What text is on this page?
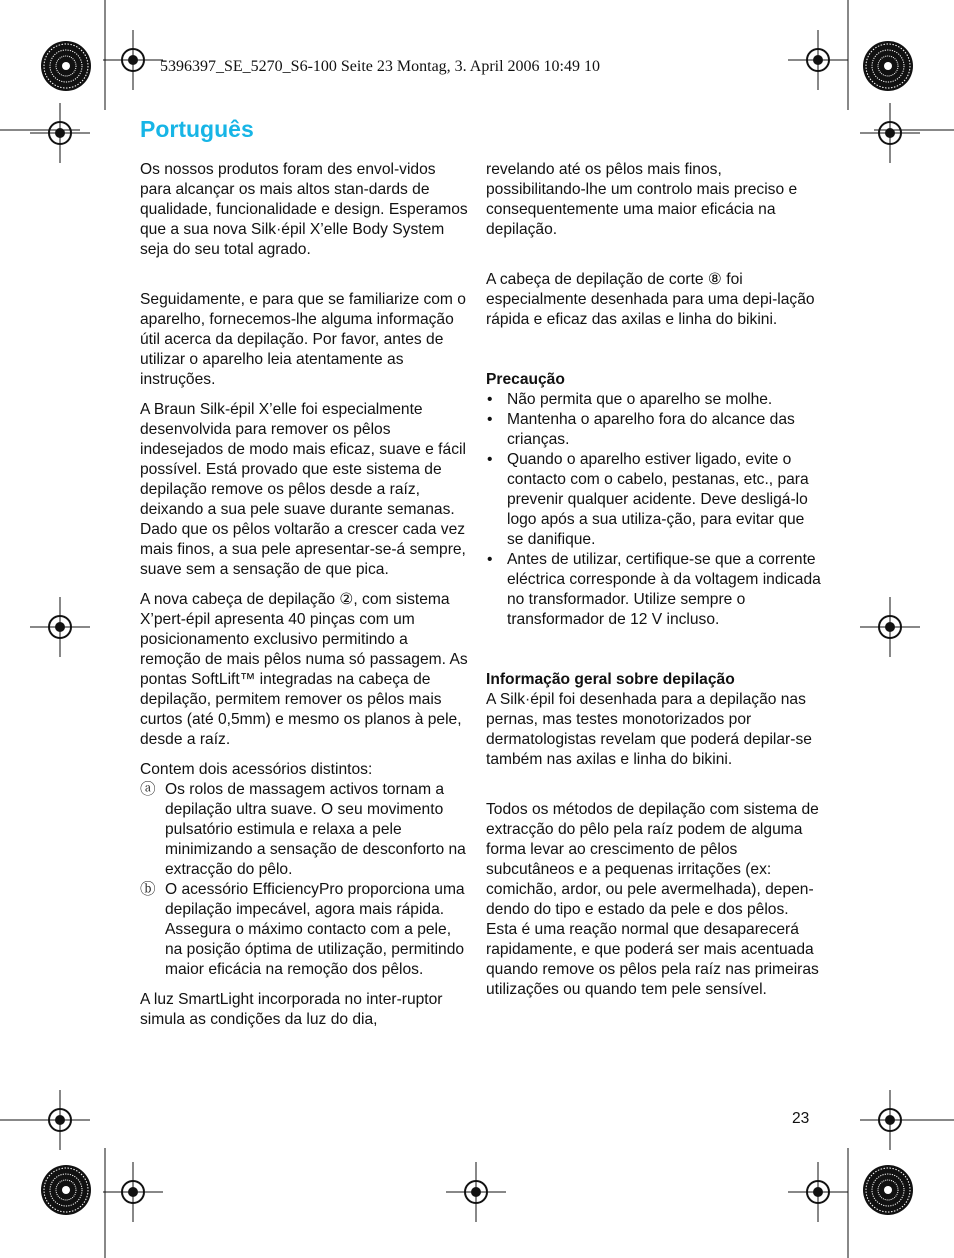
5396397_SE_5270_S6-100 Seite 23 Montag, 3. April 2006 10:49 10
Português

Os nossos produtos foram des envol-vidos para alcançar os mais altos stan-dards de qualidade, funcionalidade e design. Esperamos que a sua nova Silk·épil X’elle Body System seja do seu total agrado.

Seguidamente, e para que se familiarize com o aparelho, fornecemos-lhe alguma informação útil acerca da depilação. Por favor, antes de utilizar o aparelho leia atentamente as instruções.

A Braun Silk-épil X’elle foi especialmente desenvolvida para remover os pêlos indesejados de modo mais eficaz, suave e fácil possível. Está provado que este sistema de depilação remove os pêlos desde a raíz, deixando a sua pele suave durante semanas. Dado que os pêlos voltarão a crescer cada vez mais finos, a sua pele apresentar-se-á sempre, suave sem a sensação de que pica.

A nova cabeça de depilação ②, com sistema X’pert-épil apresenta 40 pinças com um posicionamento exclusivo permitindo a remoção de mais pêlos numa só passagem. As pontas SoftLift™ integradas na cabeça de depilação, permitem remover os pêlos mais curtos (até 0,5mm) e mesmo os planos à pele, desde a raíz.

Contem dois acessórios distintos:
ⓐ Os rolos de massagem activos tornam a depilação ultra suave. O seu movimento pulsatório estimula e relaxa a pele minimizando a sensação de desconforto na extracção do pêlo.
ⓑ O acessório EfficiencyPro proporciona uma depilação impecável, agora mais rápida. Assegura o máximo contacto com a pele, na posição óptima de utilização, permitindo maior eficácia na remoção dos pêlos.

A luz SmartLight incorporada no inter-ruptor simula as condições da luz do dia,

revelando até os pêlos mais finos, possibilitando-lhe um controlo mais preciso e consequentemente uma maior eficácia na depilação.

A cabeça de depilação de corte ⑧ foi especialmente desenhada para uma depi-lação rápida e eficaz das axilas e linha do bikini.

Precaução
• Não permita que o aparelho se molhe.
• Mantenha o aparelho fora do alcance das crianças.
• Quando o aparelho estiver ligado, evite o contacto com o cabelo, pestanas, etc., para prevenir qualquer acidente. Deve desligá-lo logo após a sua utiliza-ção, para evitar que se danifique.
• Antes de utilizar, certifique-se que a corrente eléctrica corresponde à da voltagem indicada no transformador. Utilize sempre o transformador de 12 V incluso.
Informação geral sobre depilação

A Silk·épil foi desenhada para a depilação nas pernas, mas testes monotorizados por dermatologistas revelam que poderá depilar-se também nas axilas e linha do bikini.

Todos os métodos de depilação com sistema de extracção do pêlo pela raíz podem de alguma forma levar ao crescimento de pêlos subcutâneos e a pequenas irritações (ex: comichão, ardor, ou pele avermelhada), depen-dendo do tipo e estado da pele e dos pêlos. Esta é uma reação normal que desaparecerá rapidamente, e que poderá ser mais acentuada quando remove os pêlos pela raíz nas primeiras utilizações ou quando tem pele sensível.

23
